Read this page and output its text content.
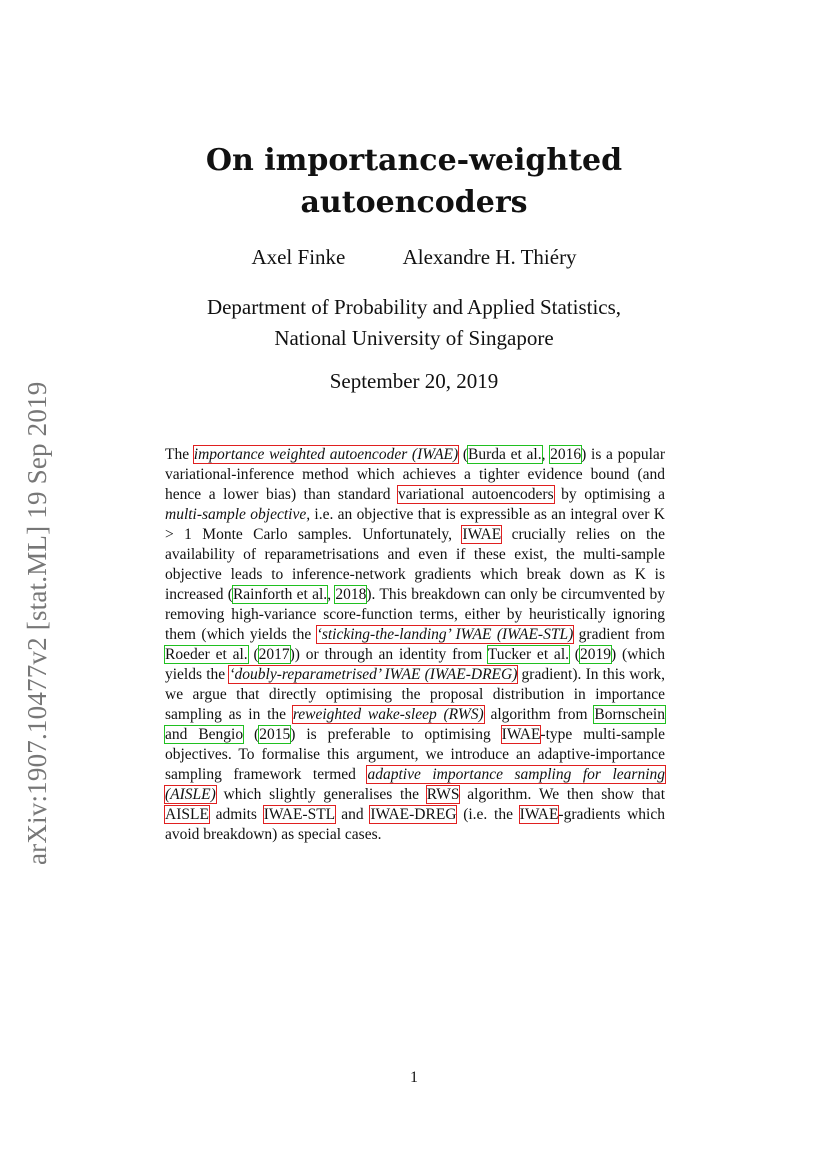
arXiv:1907.10477v2 [stat.ML] 19 Sep 2019
On importance-weighted
autoencoders
Axel Finke	Alexandre H. Thiéry
Department of Probability and Applied Statistics,
National University of Singapore
September 20, 2019
The importance weighted autoencoder (IWAE) (Burda et al., 2016) is a popular variational-inference method which achieves a tighter evidence bound (and hence a lower bias) than standard variational autoencoders by optimising a multi-sample objective, i.e. an objective that is expressible as an integral over K > 1 Monte Carlo samples. Unfortunately, IWAE crucially relies on the availability of reparametrisations and even if these exist, the multi-sample objective leads to inference-network gradients which break down as K is increased (Rainforth et al., 2018). This breakdown can only be circumvented by removing high-variance score-function terms, either by heuristically ignoring them (which yields the ‘sticking-the-landing’ IWAE (IWAE-STL) gradient from Roeder et al. (2017)) or through an identity from Tucker et al. (2019) (which yields the ‘doubly-reparametrised’ IWAE (IWAE-DREG) gradient). In this work, we argue that directly optimising the proposal distribution in importance sampling as in the reweighted wake-sleep (RWS) algorithm from Bornschein and Bengio (2015) is preferable to optimising IWAE-type multi-sample objectives. To formalise this argument, we introduce an adaptive-importance sampling framework termed adaptive importance sampling for learning (AISLE) which slightly generalises the RWS algorithm. We then show that AISLE admits IWAE-STL and IWAE-DREG (i.e. the IWAE-gradients which avoid breakdown) as special cases.
1
